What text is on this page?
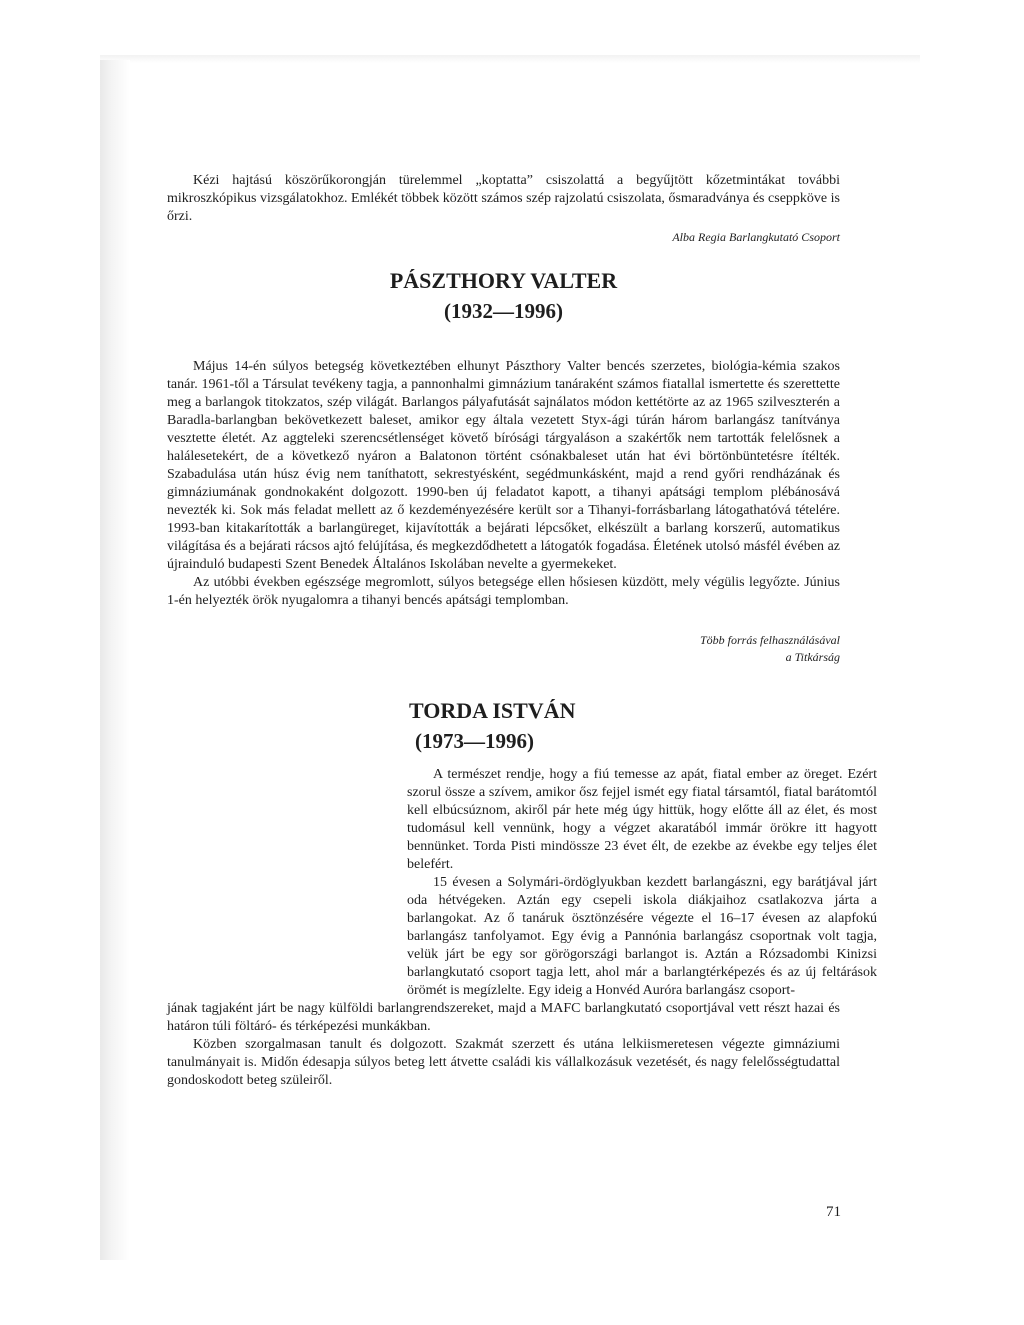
Kézi hajtású köszörűkorongján türelemmel „koptatta” csiszolattá a begyűjtött kőzetmintákat további mikroszkópikus vizsgálatokhoz. Emlékét többek között számos szép rajzolatú csiszolata, ősmaradványa és cseppköve is őrzi.

Alba Regia Barlangkutató Csoport
PÁSZTHORY VALTER
(1932—1996)

Május 14-én súlyos betegség következtében elhunyt Pászthory Valter bencés szerzetes, biológia-kémia szakos tanár. 1961-től a Társulat tevékeny tagja, a pannonhalmi gimnázium tanáraként számos fiatallal ismertette és szerettette meg a barlangok titokzatos, szép világát. Barlangos pályafutását sajnálatos módon kettétörte az az 1965 szilveszterén a Baradla-barlangban bekövetkezett baleset, amikor egy általa vezetett Styx-ági túrán három barlangász tanítványa vesztette életét. Az aggteleki szerencsétlenséget követő bírósági tárgyaláson a szakértők nem tartották felelősnek a halálesetekért, de a következő nyáron a Balatonon történt csónakbaleset után hat évi börtönbüntetésre ítélték. Szabadulása után húsz évig nem taníthatott, sekrestyésként, segédmunkásként, majd a rend győri rendházának és gimnáziumának gondnokaként dolgozott. 1990-ben új feladatot kapott, a tihanyi apátsági templom plébánosává nevezték ki. Sok más feladat mellett az ő kezdeményezésére került sor a Tihanyi-forrásbarlang látogathatóvá tételére. 1993-ban kitakarították a barlangüreget, kijavították a bejárati lépcsőket, elkészült a barlang korszerű, automatikus világítása és a bejárati rácsos ajtó felújítása, és megkezdődhetett a látogatók fogadása. Életének utolsó másfél évében az újrainduló budapesti Szent Benedek Általános Iskolában nevelte a gyermekeket.

Az utóbbi években egészsége megromlott, súlyos betegsége ellen hősiesen küzdött, mely végülis legyőzte. Június 1-én helyezték örök nyugalomra a tihanyi bencés apátsági templomban.

Több forrás felhasználásával
a Titkárság
TORDA ISTVÁN
(1973—1996)

A természet rendje, hogy a fiú temesse az apát, fiatal ember az öreget. Ezért szorul össze a szívem, amikor ősz fejjel ismét egy fiatal társamtól, fiatal barátomtól kell elbúcsúznom, akiről pár hete még úgy hittük, hogy előtte áll az élet, és most tudomásul kell vennünk, hogy a végzet akaratából immár örökre itt hagyott bennünket. Torda Pisti mindössze 23 évet élt, de ezekbe az évekbe egy teljes élet belefért.

15 évesen a Solymári-ördöglyukban kezdett barlangászni, egy barátjával járt oda hétvégeken. Aztán egy csepeli iskola diákjaihoz csatlakozva járta a barlangokat. Az ő tanáruk ösztönzésére végezte el 16–17 évesen az alapfokú barlangász tanfolyamot. Egy évig a Pannónia barlangász csoportnak volt tagja, velük járt be egy sor görögországi barlangot is. Aztán a Rózsadombi Kinizsi barlangkutató csoport tagja lett, ahol már a barlangtérképezés és az új feltárások örömét is megízlelte. Egy ideig a Honvéd Auróra barlangász csoport-

jának tagjaként járt be nagy külföldi barlangrendszereket, majd a MAFC barlangkutató csoportjával vett részt hazai és határon túli föltáró- és térképezési munkákban.

Közben szorgalmasan tanult és dolgozott. Szakmát szerzett és utána lelkiismeretesen végezte gimnáziumi tanulmányait is. Midőn édesapja súlyos beteg lett átvette családi kis vállalkozásuk vezetését, és nagy felelősségtudattal gondoskodott beteg szüleiről.

71
